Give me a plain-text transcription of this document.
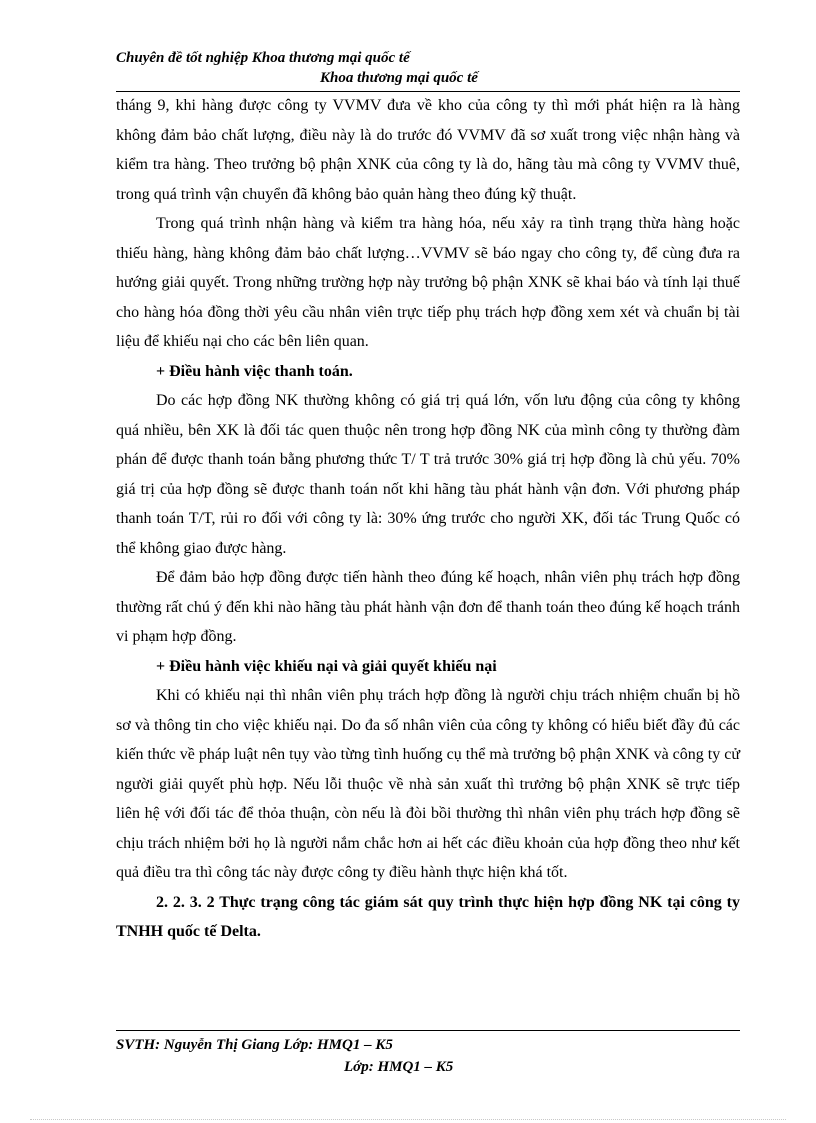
Chuyên đề tốt nghiệp Khoa thương mại quốc tế
Khoa thương mại quốc tế

tháng 9, khi hàng được công ty VVMV đưa về kho của công ty thì mới phát hiện ra là hàng không đảm bảo chất lượng, điều này là do trước đó VVMV đã sơ xuất trong việc nhận hàng và kiểm tra hàng. Theo trưởng bộ phận XNK của công ty là do, hãng tàu mà công ty VVMV thuê, trong quá trình vận chuyển đã không bảo quản hàng theo đúng kỹ thuật.

Trong quá trình nhận hàng và kiểm tra hàng hóa, nếu xảy ra tình trạng thừa hàng hoặc thiếu hàng, hàng không đảm bảo chất lượng…VVMV sẽ báo ngay cho công ty, để cùng đưa ra hướng giải quyết. Trong những trường hợp này trưởng bộ phận XNK sẽ khai báo và tính lại thuế cho hàng hóa đồng thời yêu cầu nhân viên trực tiếp phụ trách hợp đồng xem xét và chuẩn bị tài liệu để khiếu nại cho các bên liên quan.

+ Điều hành việc thanh toán.

Do các hợp đồng NK thường không có giá trị quá lớn, vốn lưu động của công ty không quá nhiều, bên XK là đối tác quen thuộc nên trong hợp đồng NK của mình công ty thường đàm phán để được thanh toán bằng phương thức T/ T trả trước 30% giá trị hợp đồng là chủ yếu. 70% giá trị của hợp đồng sẽ được thanh toán nốt khi hãng tàu phát hành vận đơn. Với phương pháp thanh toán T/T, rủi ro đối với công ty là: 30% ứng trước cho người XK, đối tác Trung Quốc có thể không giao được hàng.

Để đảm bảo hợp đồng được tiến hành theo đúng kế hoạch, nhân viên phụ trách hợp đồng thường rất chú ý đến khi nào hãng tàu phát hành vận đơn để thanh toán theo đúng kế hoạch tránh vi phạm hợp đồng.

+ Điều hành việc khiếu nại và giải quyết khiếu nại

Khi có khiếu nại thì nhân viên phụ trách hợp đồng là người chịu trách nhiệm chuẩn bị hồ sơ và thông tin cho việc khiếu nại. Do đa số nhân viên của công ty không có hiểu biết đầy đủ các kiến thức về pháp luật nên tụy vào từng tình huống cụ thể mà trưởng bộ phận XNK và công ty cử người giải quyết phù hợp. Nếu lỗi thuộc về nhà sản xuất thì trưởng bộ phận XNK sẽ trực tiếp liên hệ với đối tác để thỏa thuận, còn nếu là đòi bồi thường thì nhân viên phụ trách hợp đồng sẽ chịu trách nhiệm bởi họ là người nắm chắc hơn ai hết các điều khoản của hợp đồng theo như kết quả điều tra thì công tác này được công ty điều hành thực hiện khá tốt.

2. 2. 3. 2 Thực trạng công tác giám sát quy trình thực hiện hợp đồng NK tại công ty TNHH quốc tế Delta.

SVTH: Nguyễn Thị Giang Lớp: HMQ1 – K5
Lớp: HMQ1 – K5
